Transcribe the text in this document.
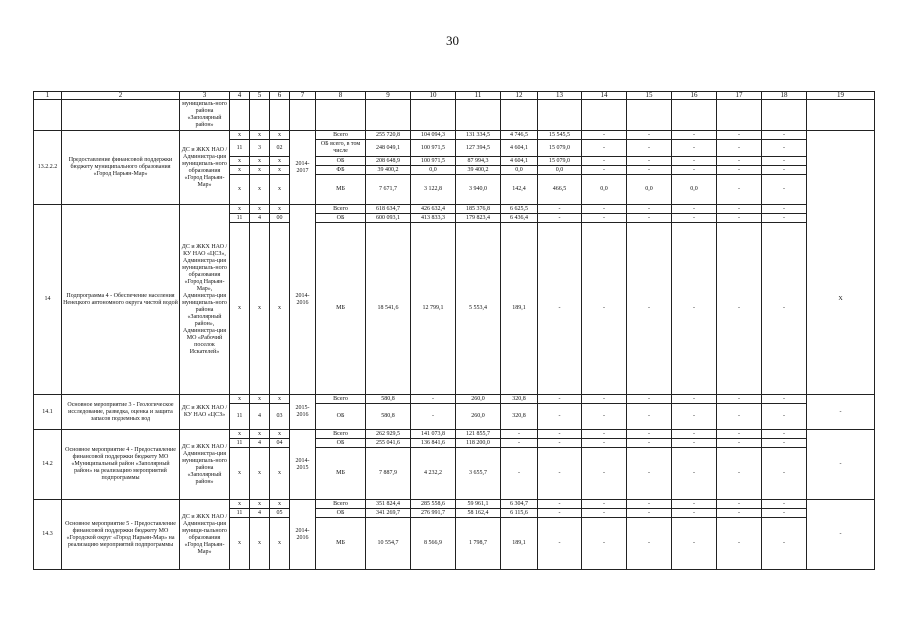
30
1	2	3	4	5	6	7	8	9	10	11	12	13	14	15	16	17	18	19
		муниципаль-ного района «Заполярный район»																
13.2.2.2	Предоставление финансовой поддержки бюджету муниципального образования «Город Нарьян-Мар»	ДС и ЖКХ НАО / Администра-ция муниципаль-ного образования «Город Нарьян-Мар»	x	x	x	2014-2017	Всего	255 720,8	104 094,3	131 334,5	4 746,5	15 545,5	-	-	-	-	-	
			11	3	02		ОБ всего, в том числе	248 049,1	100 971,5	127 394,5	4 604,1	15 079,0	-	-	-	-	-	
			x	x	x		ОБ	208 648,9	100 971,5	87 994,3	4 604,1	15 079,0	-	-	-	-	-	
			x	x	x		ФБ	39 400,2	0,0	39 400,2	0,0	0,0	-	-	-	-	-	
			x	x	x		МБ	7 671,7	3 122,8	3 940,0	142,4	466,5	0,0	0,0	0,0	-	-	
14	Подпрограмма 4 - Обеспечение населения Ненецкого автономного округа чистой водой	ДС и ЖКХ НАО / КУ НАО «ЦСЗ», Администра-ция муниципаль-ного образования «Город Нарьян-Мар», Администра-ция муниципаль-ного района «Заполярный район», Администра-ция МО «Рабочий поселок Искателей»	x	x	x	2014-2016	Всего	618 634,7	426 632,4	185 376,8	6 625,5	-	-	-	-	-	-	X
			11	4	00		ОБ	600 093,1	413 833,3	179 823,4	6 436,4	-	-	-	-	-	-	
			x	x	x		МБ	18 541,6	12 799,1	5 553,4	189,1	-	-	-	-	-	-	
14.1	Основное мероприятие 3 - Геологическое исследование, разведка, оценка и защита запасов подземных вод	ДС и ЖКХ НАО / КУ НАО «ЦСЗ»	x	x	x	2015-2016	Всего	580,8	-	260,0	320,8	-	-	-	-	-	-	-
			11	4	03		ОБ	580,8	-	260,0	320,8	-	-	-	-	-	-	
14.2	Основное мероприятие 4 - Предоставление финансовой поддержки бюджету МО «Муниципальный район «Заполярный район» на реализацию мероприятий подпрограммы	ДС и ЖКХ НАО / Администра-ция муниципаль-ного района «Заполярный район»	x	x	x	2014-2015	Всего	262 929,5	141 073,8	121 855,7	-	-	-	-	-	-	-	-
			11	4	04		ОБ	255 041,6	136 841,6	118 200,0	-	-	-	-	-	-	-	
			x	x	x		МБ	7 887,9	4 232,2	3 655,7	-	-	-	-	-	-	-	
14.3	Основное мероприятие 5 - Предоставление финансовой поддержки бюджету МО «Городской округ «Город Нарьян-Мар» на реализацию мероприятий подпрограммы	ДС и ЖКХ НАО / Администра-ция муници-пального образования «Город Нарьян-Мар»	x	x	x	2014-2016	Всего	351 824,4	285 558,6	59 961,1	6 304,7	-	-	-	-	-	-	-
			11	4	05		ОБ	341 269,7	276 991,7	58 162,4	6 115,6	-	-	-	-	-	-	
			x	x	x		МБ	10 554,7	8 566,9	1 798,7	189,1	-	-	-	-	-	-	
